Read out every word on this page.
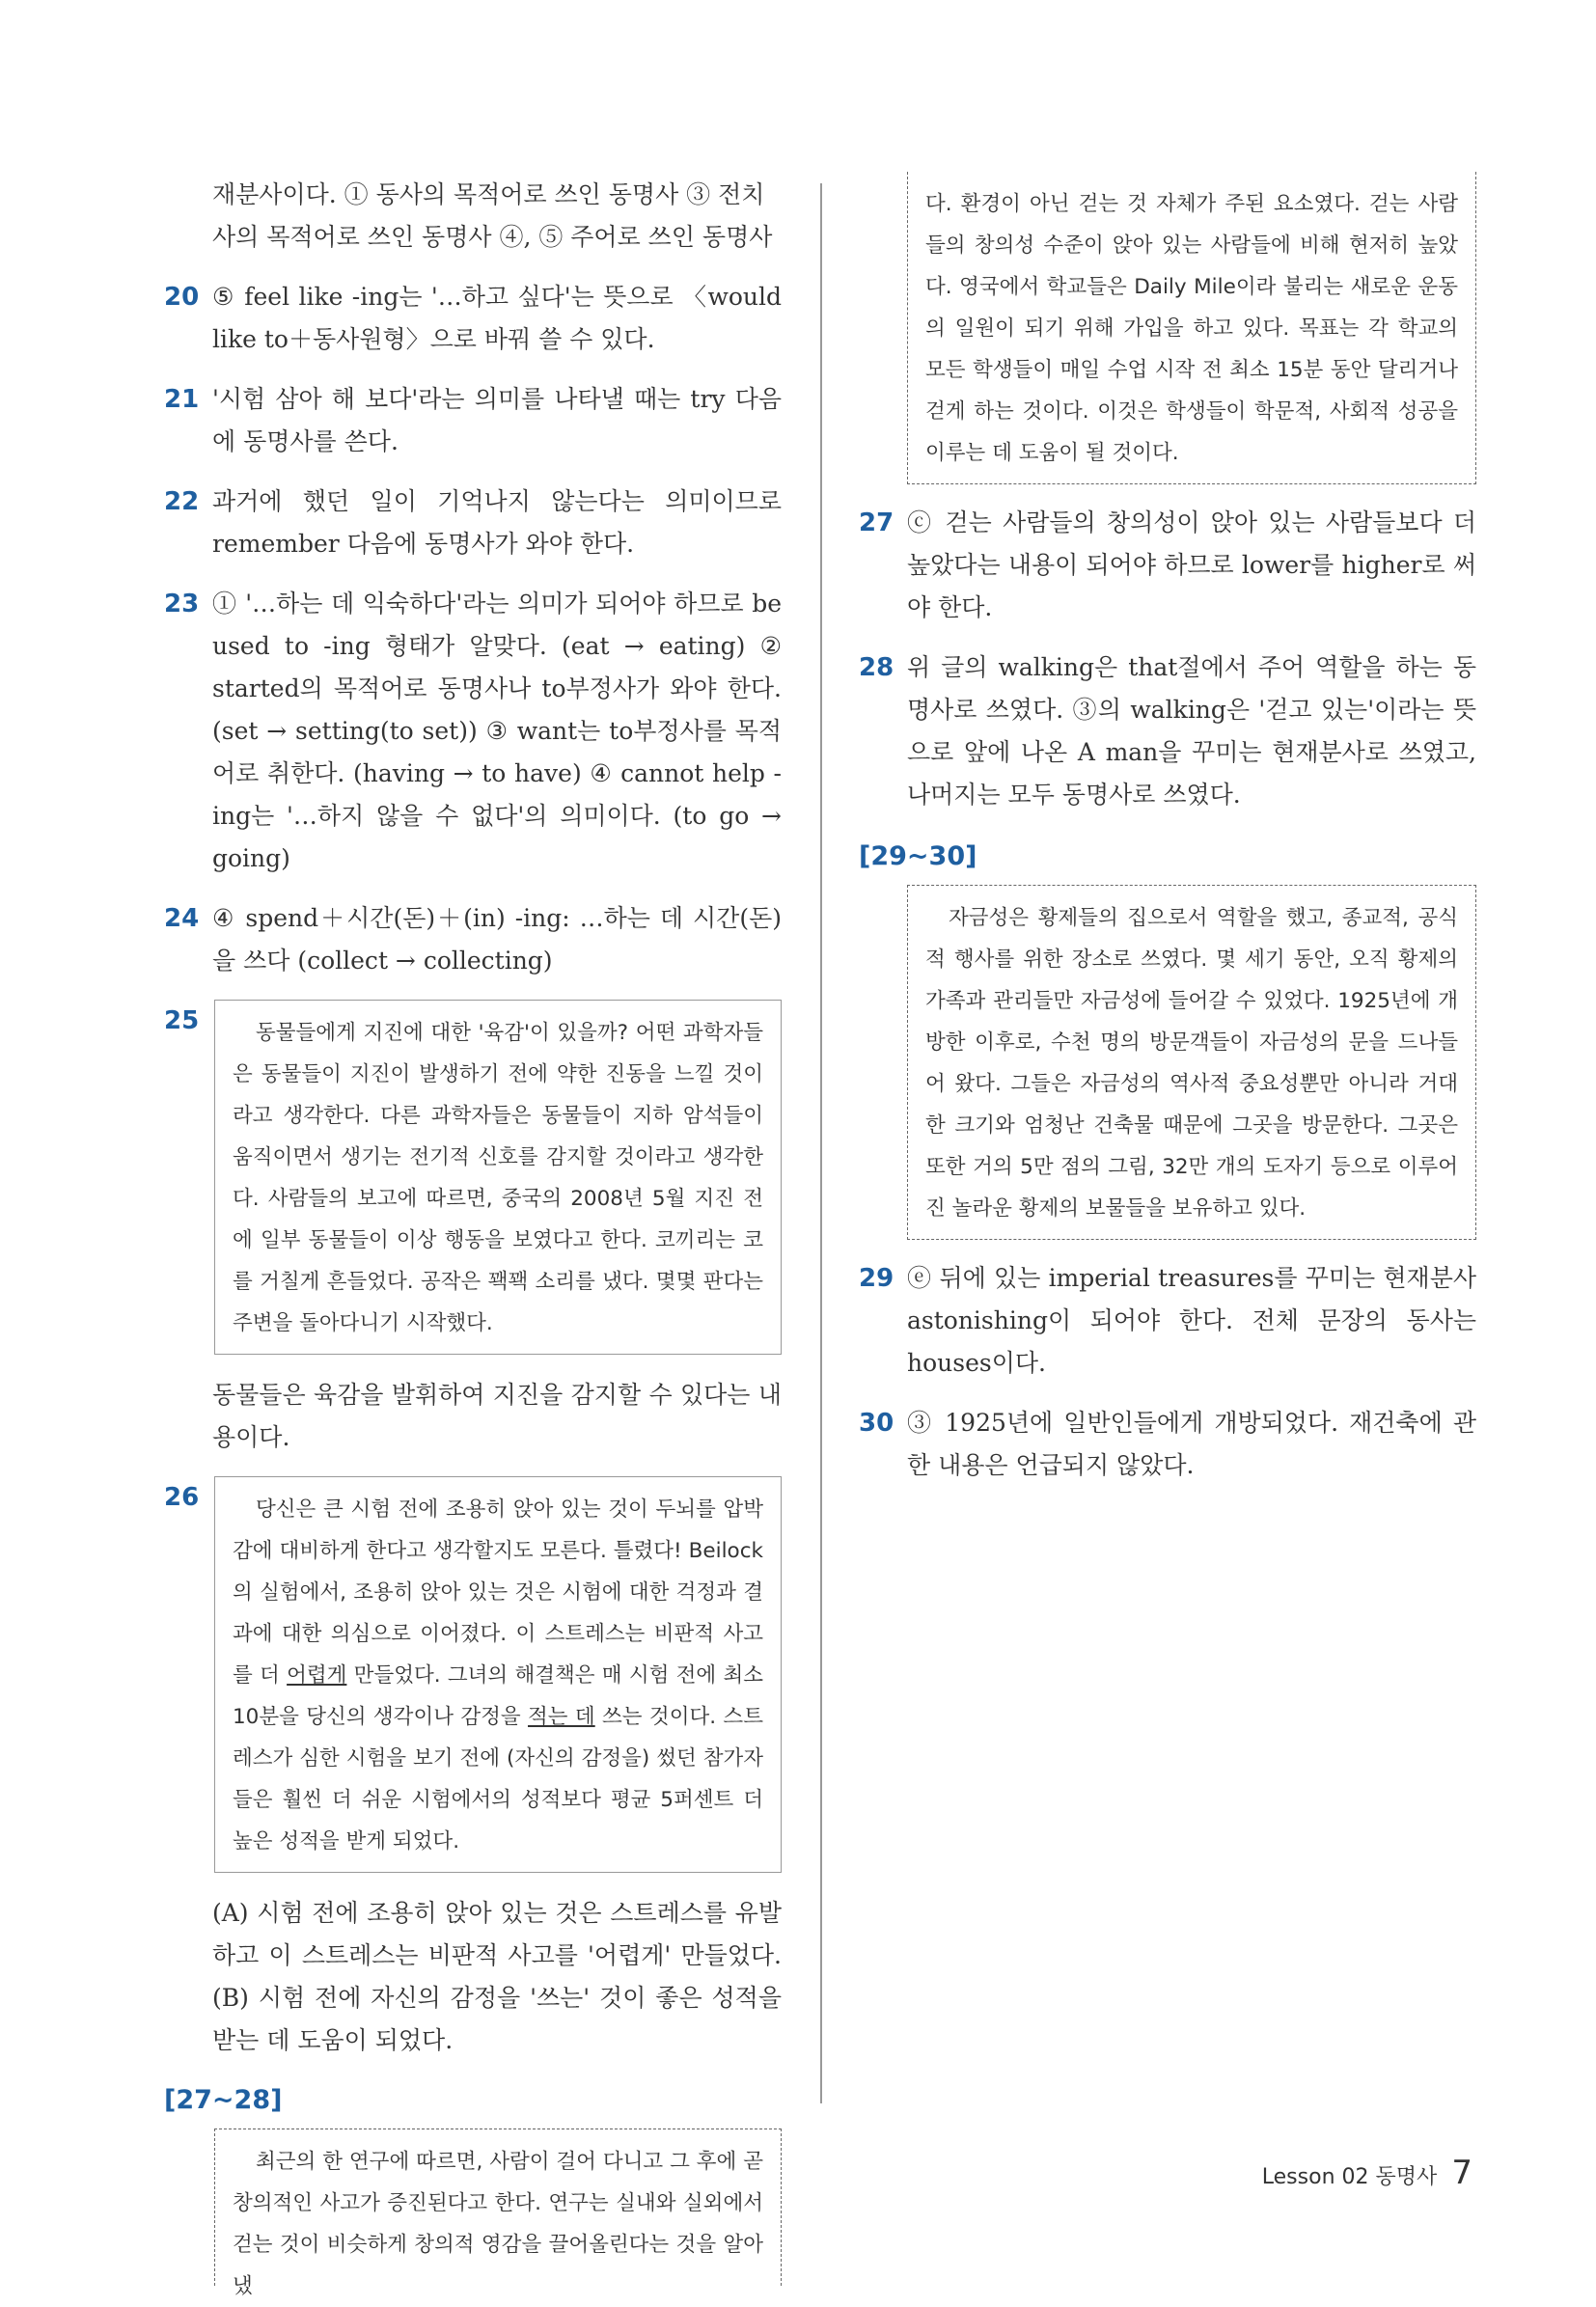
재분사이다. ① 동사의 목적어로 쓰인 동명사 ③ 전치사의 목적어로 쓰인 동명사 ④, ⑤ 주어로 쓰인 동명사
20 ⑤ feel like -ing는 '…하고 싶다'는 뜻으로 〈would like to＋동사원형〉으로 바꿔 쓸 수 있다.
21 '시험 삼아 해 보다'라는 의미를 나타낼 때는 try 다음에 동명사를 쓴다.
22 과거에 했던 일이 기억나지 않는다는 의미이므로 remember 다음에 동명사가 와야 한다.
23 ① '…하는 데 익숙하다'라는 의미가 되어야 하므로 be used to -ing 형태가 알맞다. (eat → eating) ② started의 목적어로 동명사나 to부정사가 와야 한다. (set → setting(to set)) ③ want는 to부정사를 목적어로 취한다. (having → to have) ④ cannot help -ing는 '…하지 않을 수 없다'의 의미이다. (to go → going)
24 ④ spend＋시간(돈)＋(in) -ing: …하는 데 시간(돈)을 쓰다 (collect → collecting)
25	동물들에게 지진에 대한 '육감'이 있을까? 어떤 과학자들은 동물들이 지진이 발생하기 전에 약한 진동을 느낄 것이라고 생각한다. 다른 과학자들은 동물들이 지하 암석들이 움직이면서 생기는 전기적 신호를 감지할 것이라고 생각한다. 사람들의 보고에 따르면, 중국의 2008년 5월 지진 전에 일부 동물들이 이상 행동을 보였다고 한다. 코끼리는 코를 거칠게 흔들었다. 공작은 꽥꽥 소리를 냈다. 몇몇 판다는 주변을 돌아다니기 시작했다.
동물들은 육감을 발휘하여 지진을 감지할 수 있다는 내용이다.
26	당신은 큰 시험 전에 조용히 앉아 있는 것이 두뇌를 압박감에 대비하게 한다고 생각할지도 모른다. 틀렸다! Beilock의 실험에서, 조용히 앉아 있는 것은 시험에 대한 걱정과 결과에 대한 의심으로 이어졌다. 이 스트레스는 비판적 사고를 더 어렵게 만들었다. 그녀의 해결책은 매 시험 전에 최소 10분을 당신의 생각이나 감정을 적는 데 쓰는 것이다. 스트레스가 심한 시험을 보기 전에 (자신의 감정을) 썼던 참가자들은 훨씬 더 쉬운 시험에서의 성적보다 평균 5퍼센트 더 높은 성적을 받게 되었다.
(A) 시험 전에 조용히 앉아 있는 것은 스트레스를 유발하고 이 스트레스는 비판적 사고를 '어렵게' 만들었다. (B) 시험 전에 자신의 감정을 '쓰는' 것이 좋은 성적을 받는 데 도움이 되었다.
[27~28]
최근의 한 연구에 따르면, 사람이 걸어 다니고 그 후에 곧 창의적인 사고가 증진된다고 한다. 연구는 실내와 실외에서 걷는 것이 비슷하게 창의적 영감을 끌어올린다는 것을 알아냈
다. 환경이 아닌 걷는 것 자체가 주된 요소였다. 걷는 사람들의 창의성 수준이 앉아 있는 사람들에 비해 현저히 높았다. 영국에서 학교들은 Daily Mile이라 불리는 새로운 운동의 일원이 되기 위해 가입을 하고 있다. 목표는 각 학교의 모든 학생들이 매일 수업 시작 전 최소 15분 동안 달리거나 걷게 하는 것이다. 이것은 학생들이 학문적, 사회적 성공을 이루는 데 도움이 될 것이다.
27 ⓒ 걷는 사람들의 창의성이 앉아 있는 사람들보다 더 높았다는 내용이 되어야 하므로 lower를 higher로 써야 한다.
28 위 글의 walking은 that절에서 주어 역할을 하는 동명사로 쓰였다. ③의 walking은 '걷고 있는'이라는 뜻으로 앞에 나온 A man을 꾸미는 현재분사로 쓰였고, 나머지는 모두 동명사로 쓰였다.
[29~30]
자금성은 황제들의 집으로서 역할을 했고, 종교적, 공식적 행사를 위한 장소로 쓰였다. 몇 세기 동안, 오직 황제의 가족과 관리들만 자금성에 들어갈 수 있었다. 1925년에 개방한 이후로, 수천 명의 방문객들이 자금성의 문을 드나들어 왔다. 그들은 자금성의 역사적 중요성뿐만 아니라 거대한 크기와 엄청난 건축물 때문에 그곳을 방문한다. 그곳은 또한 거의 5만 점의 그림, 32만 개의 도자기 등으로 이루어진 놀라운 황제의 보물들을 보유하고 있다.
29 ⓔ 뒤에 있는 imperial treasures를 꾸미는 현재분사 astonishing이 되어야 한다. 전체 문장의 동사는 houses이다.
30 ③ 1925년에 일반인들에게 개방되었다. 재건축에 관한 내용은 언급되지 않았다.
Lesson 02 동명사 7
